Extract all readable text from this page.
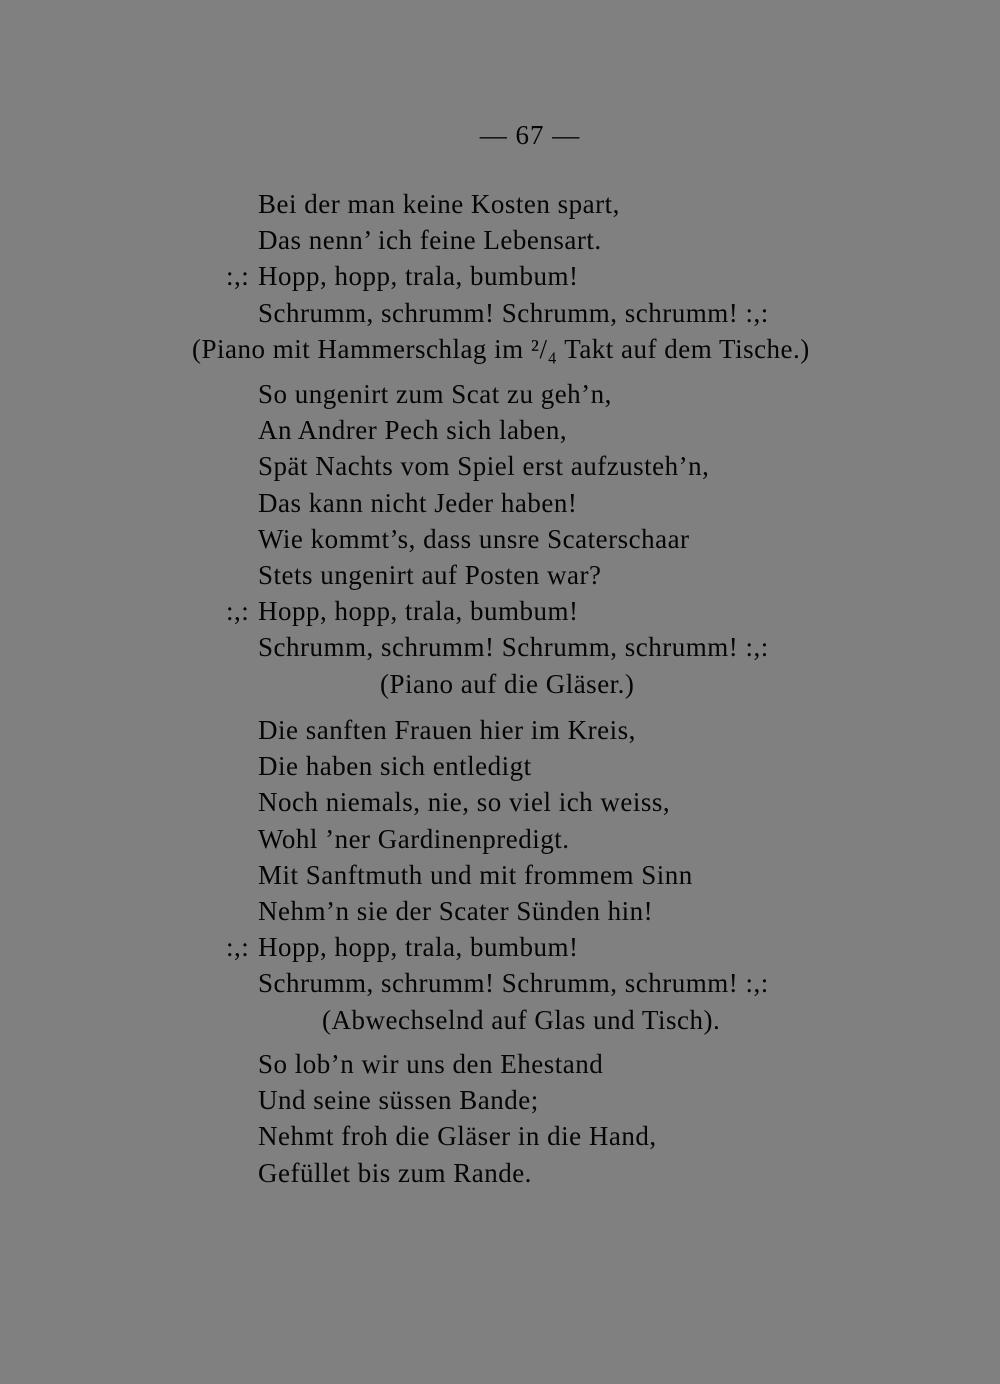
— 67 —
Bei der man keine Kosten spart,
Das nenn’ ich feine Lebensart.
:,: Hopp, hopp, trala, bumbum!
Schrumm, schrumm! Schrumm, schrumm! :,:
(Piano mit Hammerschlag im ²/₄ Takt auf dem Tische.)
So ungenirt zum Scat zu geh’n,
An Andrer Pech sich laben,
Spät Nachts vom Spiel erst aufzusteh’n,
Das kann nicht Jeder haben!
Wie kommt’s, dass unsre Scaterschaar
Stets ungenirt auf Posten war?
:,: Hopp, hopp, trala, bumbum!
Schrumm, schrumm! Schrumm, schrumm! :,:
(Piano auf die Gläser.)
Die sanften Frauen hier im Kreis,
Die haben sich entledigt
Noch niemals, nie, so viel ich weiss,
Wohl ’ner Gardinenpredigt.
Mit Sanftmuth und mit frommem Sinn
Nehm’n sie der Scater Sünden hin!
:,: Hopp, hopp, trala, bumbum!
Schrumm, schrumm! Schrumm, schrumm! :,:
(Abwechselnd auf Glas und Tisch).
So lob’n wir uns den Ehestand
Und seine süssen Bande;
Nehmt froh die Gläser in die Hand,
Gefüllet bis zum Rande.
